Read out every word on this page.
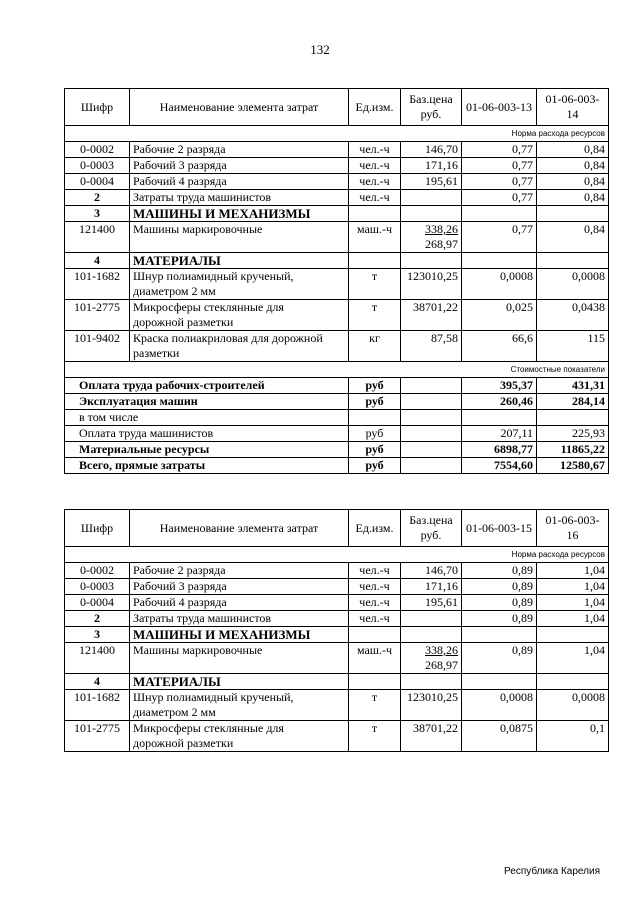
132
Шифр	Наименование элемента затрат	Ед.изм.	Баз.цена руб.	01-06-003-13	01-06-003-14
Норма расхода ресурсов					
0-0002	Рабочие 2 разряда	чел.-ч	146,70	0,77	0,84
0-0003	Рабочий 3 разряда	чел.-ч	171,16	0,77	0,84
0-0004	Рабочий 4 разряда	чел.-ч	195,61	0,77	0,84
2	Затраты труда машинистов	чел.-ч		0,77	0,84
3	МАШИНЫ И МЕХАНИЗМЫ				
121400	Машины маркировочные	маш.-ч	338,26
268,97	0,77	0,84
4	МАТЕРИАЛЫ				
101-1682	Шнур полиамидный крученый,
диаметром 2 мм	т	123010,25	0,0008	0,0008
101-2775	Микросферы стеклянные для
дорожной разметки	т	38701,22	0,025	0,0438
101-9402	Краска полиакриловая для дорожной
разметки	кг	87,58	66,6	115
Стоимостные показатели					
Оплата труда рабочих-строителей		руб		395,37	431,31
Эксплуатация машин		руб		260,46	284,14
в том числе					
Оплата труда машинистов		руб		207,11	225,93
Материальные ресурсы		руб		6898,77	11865,22
Всего, прямые затраты		руб		7554,60	12580,67
Шифр	Наименование элемента затрат	Ед.изм.	Баз.цена руб.	01-06-003-15	01-06-003-16
Норма расхода ресурсов					
0-0002	Рабочие 2 разряда	чел.-ч	146,70	0,89	1,04
0-0003	Рабочий 3 разряда	чел.-ч	171,16	0,89	1,04
0-0004	Рабочий 4 разряда	чел.-ч	195,61	0,89	1,04
2	Затраты труда машинистов	чел.-ч		0,89	1,04
3	МАШИНЫ И МЕХАНИЗМЫ				
121400	Машины маркировочные	маш.-ч	338,26
268,97	0,89	1,04
4	МАТЕРИАЛЫ				
101-1682	Шнур полиамидный крученый,
диаметром 2 мм	т	123010,25	0,0008	0,0008
101-2775	Микросферы стеклянные для
дорожной разметки	т	38701,22	0,0875	0,1
Республика Карелия
